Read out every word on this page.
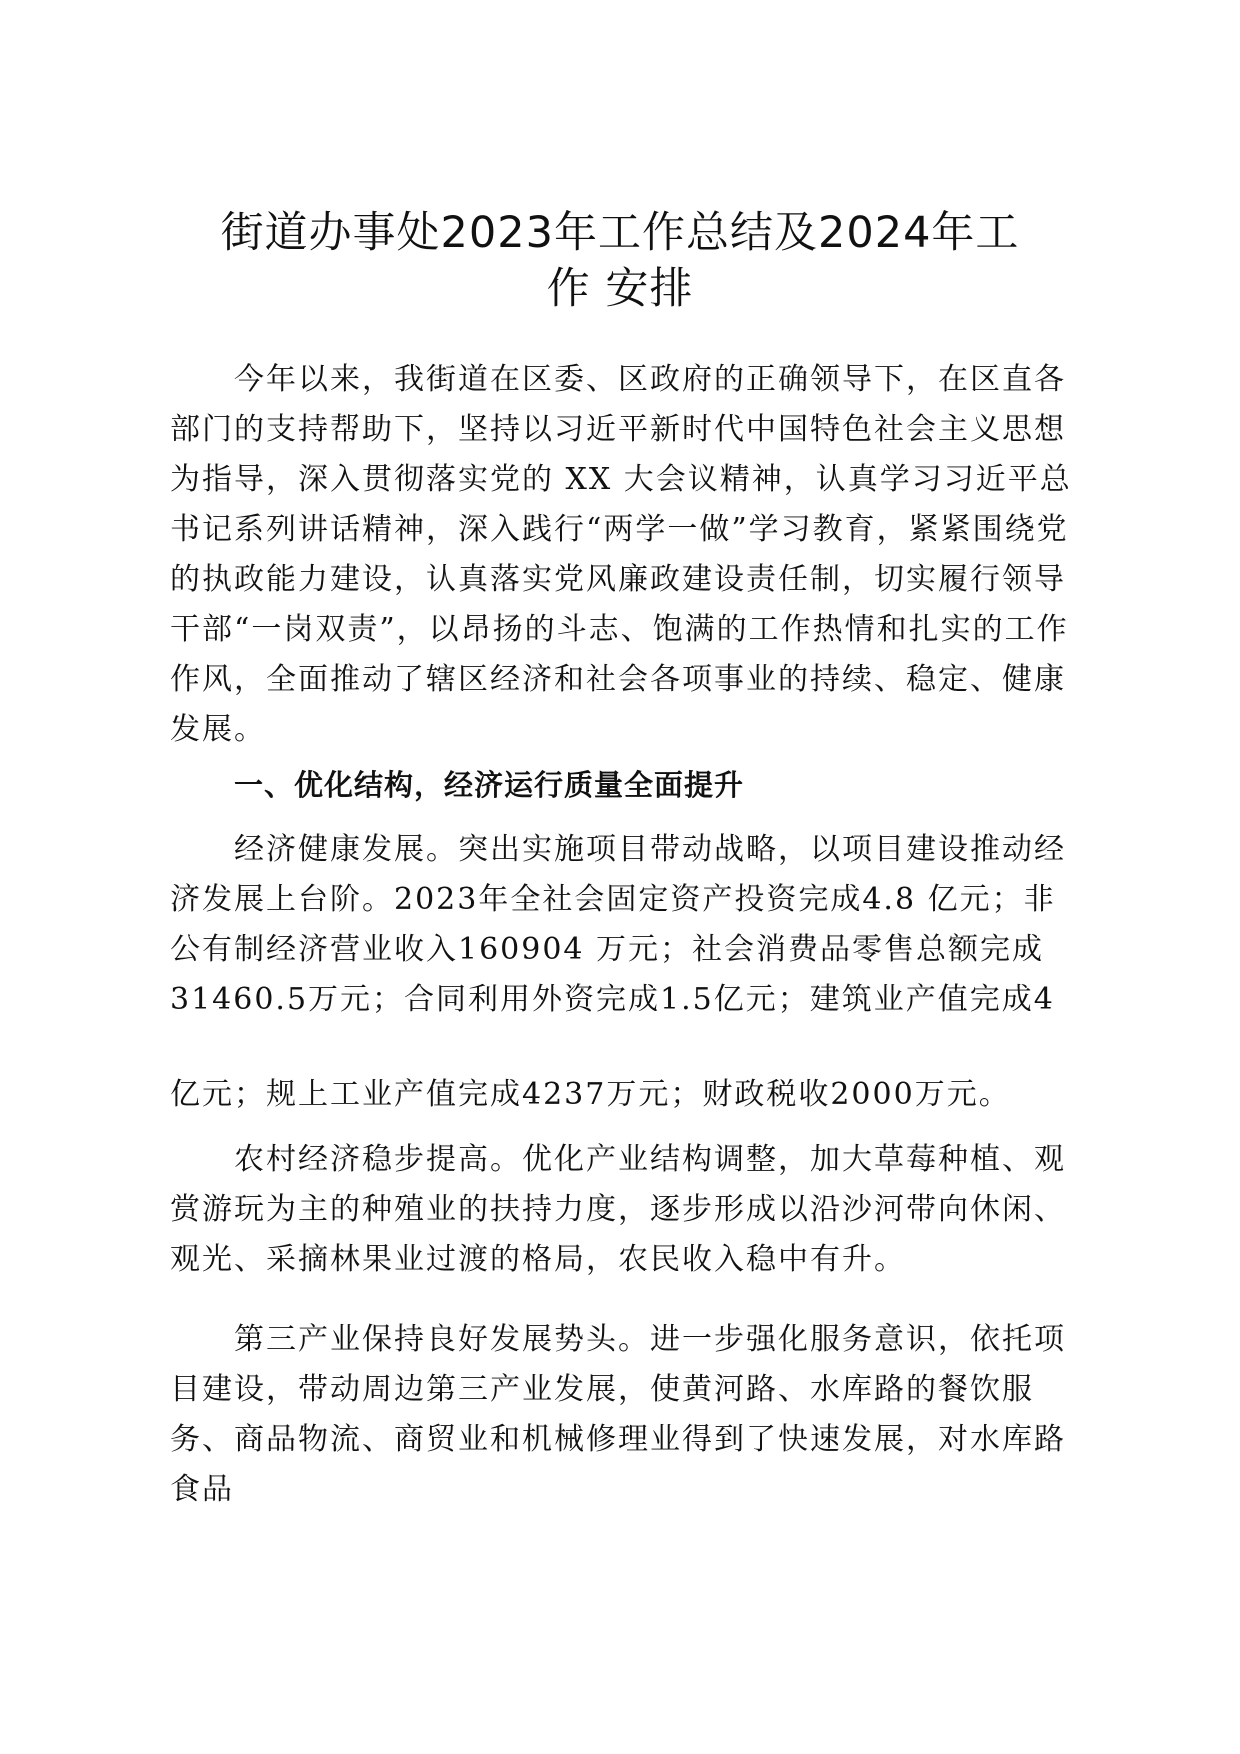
街道办事处2023年工作总结及2024年工
作 安排

今年以来，我街道在区委、区政府的正确领导下，在区直各部门的支持帮助下，坚持以习近平新时代中国特色社会主义思想为指导，深入贯彻落实党的 XX 大会议精神，认真学习习近平总书记系列讲话精神，深入践行“两学一做”学习教育，紧紧围绕党的执政能力建设，认真落实党风廉政建设责任制，切实履行领导干部“一岗双责”，以昂扬的斗志、饱满的工作热情和扎实的工作作风，全面推动了辖区经济和社会各项事业的持续、稳定、健康发展。

一、优化结构，经济运行质量全面提升

经济健康发展。突出实施项目带动战略，以项目建设推动经济发展上台阶。2023年全社会固定资产投资完成4.8 亿元；非 公有制经济营业收入160904 万元；社会消费品零售总额完成 31460.5万元；合同利用外资完成1.5亿元；建筑业产值完成4

亿元；规上工业产值完成4237万元；财政税收2000万元。

农村经济稳步提高。优化产业结构调整，加大草莓种植、观赏游玩为主的种殖业的扶持力度，逐步形成以沿沙河带向休闲、观光、采摘林果业过渡的格局，农民收入稳中有升。

第三产业保持良好发展势头。进一步强化服务意识，依托项目建设，带动周边第三产业发展，使黄河路、水库路的餐饮服务、商品物流、商贸业和机械修理业得到了快速发展，对水库路食品
